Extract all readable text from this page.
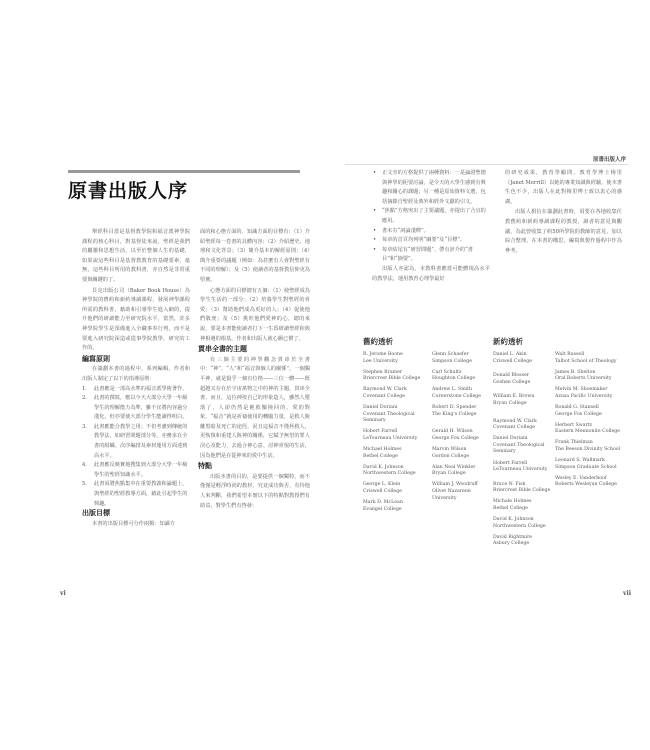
原書出版人序

舉經科目當是基督教學院和福音派神學院課程的核心科目，對基督徒來說，聖經是我們的屬靈和思想生活，以至於整個人生的基礎，如果說這些科目是基督教教育的基礎要素，毫無，這些科目所用的教科書，亦自然是非常重要與關鍵的了。

貝克出版公司（Baker Book House）為神學院的舊約和新約導讀課程，發展神學課程所需的教科書，藉助和引導學生進入網的，提升他們的研讀能力至研究院水平，當然，許多神學院學生是預備進入全職事奉行列，而不是要進入研究院深造或從事學院教學，研究的工作的。

編寫原則

在籌劃本書的過程中，系列編輯，作者和出版人制定了以下的指導原則：

1. 此書應是一部高水準的福音派學術著作。
2. 此書的撰寫，應以今天大部分大學一年級學生的理解能力為準，雖不宜將內容過分淺化，但亦要使大部分學生能讀得明白。
3. 此書應能合教學之用；不但考慮到傳統的教學法，如研習問題部分等，亦務求在全書的組織、次序編排及素材運用方面達到高水平。
4. 此書應反映實地搜集到大部分大學一年級學生的聖經知識水平。
5. 此書須將焦點集中在重要教義和論題上，與聖經的聖經教導方面，藉此引起學生的興趣。

出版目標

本書的出版目標可分作兩類：知識方

面的和心態方面的，知識方面的目標有：（1）介紹聖經每一卷書的具體內容；（2）介紹歷史、地理和文化背景；（3）簡介基本的解經原則；（4）簡介重要的議題（例如：為甚麼有人會對聖經有不同的理解）；及（5）使讀者的基督教信仰更為堅實。

心態方面的目標總有五個：（1）使聖經成為學生生活的一部分；（2）培養學生對聖經的喜愛；（3）幫助他們成為更好的人；（4）促使他們敬虔；及（5）挑旺他們愛神的心，總的來說，要是本書能使讀者打下一生爲研讀聖經和與神相遇的根基，作者和出版人就心願已償了。

貫串全書的主題

有三個主要的神學觀念貫串於全書中：“神”、“人”和“福音與個人的關係”。一個獨平神，就是賢乎一個有位格——三位一體——既超越又存在於宇宙萬物之中的神的主題，貫串全書，而且，這位神按自己的形象造人，雖然人墮落了，人卻仍然是祂救贖挽回的、愛的對象。“福音”就是祈禱使用的轉臨力量，是救人脫離黑暗及死亡的途徑，況且這福音不僅拯救人，更恢復和重建人與神的關係，它賦予無望的罪人決心及能力，去過合神心意、討神喜悅的生活，因為他們是在從神來的愛中生活。

特點

出版本書的目的，是要提供一個獨特，而不僅僅是輕浮時尚的教材，究竟成功與否，有待他人來判斷，我們希望本冊以下的特點對教授們有助益，對學生們有啓發：

vi
原書出版人序
• 正文旁的方格提供了兩種資料：一是論證聖德與神學的扼要討論，是令天的大學生感到有興趣和關心的課題；另一種是原始資料文選，包括摘錄自聖經及典外和經外文獻的引文。
• “焦點”方格突出了主要議題，亦提出了合宜的應用。
• 書末有“詞論淺釋”。
• 每章的首頁均列明“綱要”及“目標”。
• 每章結尾有“研習問題”、帶有評介的“書目”和“摘要”。

出版人亦認為，本教科書應當可能體現高水平的教學法，運用教育心理學最好

的研究成果，教育學顧問、教育學博士梅里（Janet Merrill）以她的專業知識與經驗，使本書生色不少，出版人在此對梅里博士致以衷心的感謝。

出版人相信在籌劃此書時，須要在各地收集任教舊約和新約導讀課程的教授，讀者的意見與觀議，為此曾收集了約50所學院的教師的意見，加以綜合整理，在本書的構思，編寫與製作過程中作為參考。

舊約透析	新約透析
R. Jerome Boone
Lee University
Stephen Bramer
Briercrest Bible College
Raymond W. Clark
Covenant College
Daniel Doriani
Covenant Theological Seminary
Hobert Farrell
LeTourneau University
Michael Holmes
Bethel College
David K. Johnson
Northwestern College
George L. Klein
Criswell College
Mark D. McLean
Evangel College
Glenn Schaefer
Simpson College
Carl Schultz
Houghton College
Andrew L. Smith
Cornerstone College
Robert D. Spender
The King's College
Gerald H. Wilson
George Fox College
Marvin Wilson
Gordon College
Alan Neal Winkler
Bryan College
William J. Woodruff
Olivet Nazarene University
Daniel L. Akin
Criswell College
Donald Blosser
Goshen College
William E. Brown
Bryan College
Raymond W. Clark
Covenant College
Daniel Doriani
Covenant Theological Seminary
Hobert Farrell
LeTourneau University
Bruce N. Fisk
Briercrest Bible College
Michale Holmes
Bethel College
David K. Johnson
Northwestern College
David Rightmire
Asbury College
Walt Russell
Talbot School of Theology
James B. Shelton
Oral Roberts University
Melvin M. Shoemaker
Azusa Pacific University
Ronald G. Stansell
George Fox College
Herbert Swartz
Eastern Mennonite College
Frank Thielman
The Beeson Divinity School
Leonard S. Wallmark
Simpson Graduate School
Wesley E. Vanderhoof
Roberts Wesleyan College
vii
